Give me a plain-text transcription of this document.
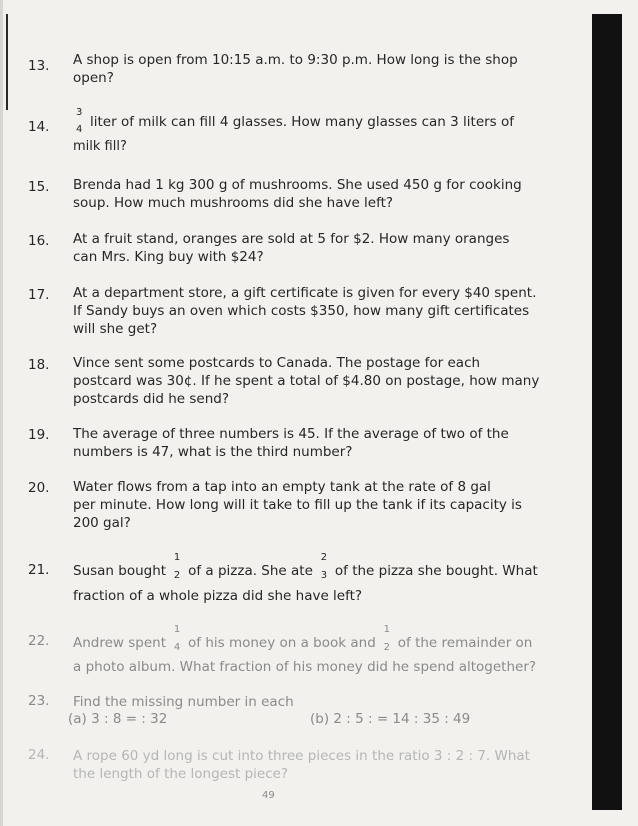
13.	A shop is open from 10:15 a.m. to 9:30 p.m. How long is the shop
open?
14.
3
4 liter of milk can fill 4 glasses. How many glasses can 3 liters of
milk fill?
15.	Brenda had 1 kg 300 g of mushrooms. She used 450 g for cooking
soup. How much mushrooms did she have left?
16.	At a fruit stand, oranges are sold at 5 for $2. How many oranges
can Mrs. King buy with $24?
17.	At a department store, a gift certificate is given for every $40 spent.
If Sandy buys an oven which costs $350, how many gift certificates
will she get?
18.	Vince sent some postcards to Canada. The postage for each
postcard was 30¢. If he spent a total of $4.80 on postage, how many
postcards did he send?
19.	The average of three numbers is 45. If the average of two of the
numbers is 47, what is the third number?
20.	Water flows from a tap into an empty tank at the rate of 8 gal
per minute. How long will it take to fill up the tank if its capacity is
200 gal?
21.	Susan bought
1
2 of a pizza. She ate
2
3 of the pizza she bought. What
fraction of a whole pizza did she have left?
22.	Andrew spent
1
4 of his money on a book and
1
2 of the remainder on
a photo album. What fraction of his money did he spend altogether?
23.	Find the missing number in each
(a) 3 : 8 = : 32	(b) 2 : 5 : = 14 : 35 : 49
24.	A rope 60 yd long is cut into three pieces in the ratio 3 : 2 : 7. What
the length of the longest piece?
49
